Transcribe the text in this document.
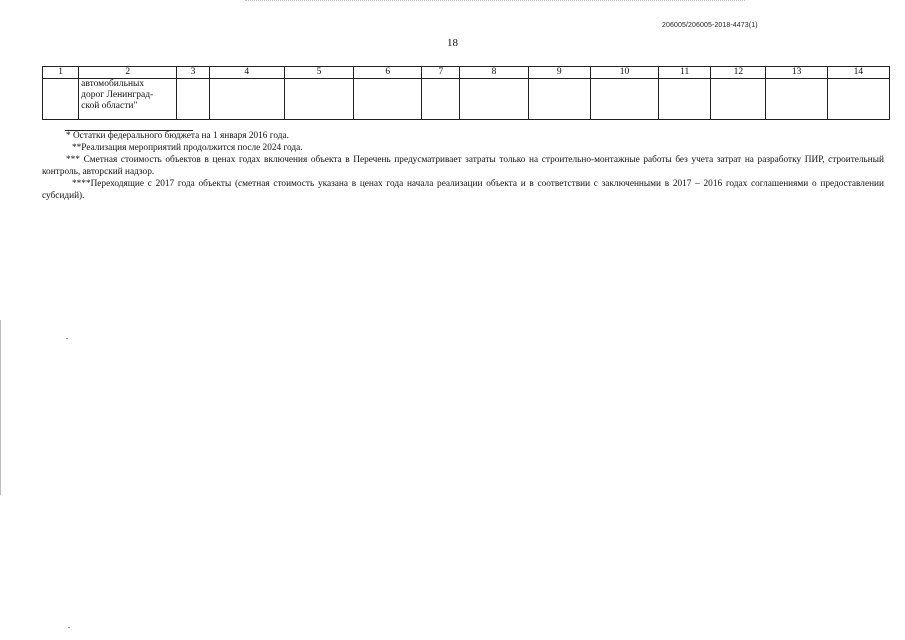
206005/206005-2018-4473(1)
18
1	2	3	4	5	6	7	8	9	10	11	12	13	14

	автомобильных
дорог Ленинград-
ской области"												

* Остатки федерального бюджета на 1 января 2016 года.

**Реализация мероприятий продолжится после 2024 года.

*** Сметная стоимость объектов в ценах годах включения объекта в Перечень предусматривает затраты только на строительно-монтажные работы без учета затрат на разработку ПИР, строительный контроль, авторский надзор.

****Переходящие с 2017 года объекты (сметная стоимость указана в ценах года начала реализации объекта и в соответствии с заключенными в 2017 – 2016 годах соглашениями о предоставлении субсидий).
